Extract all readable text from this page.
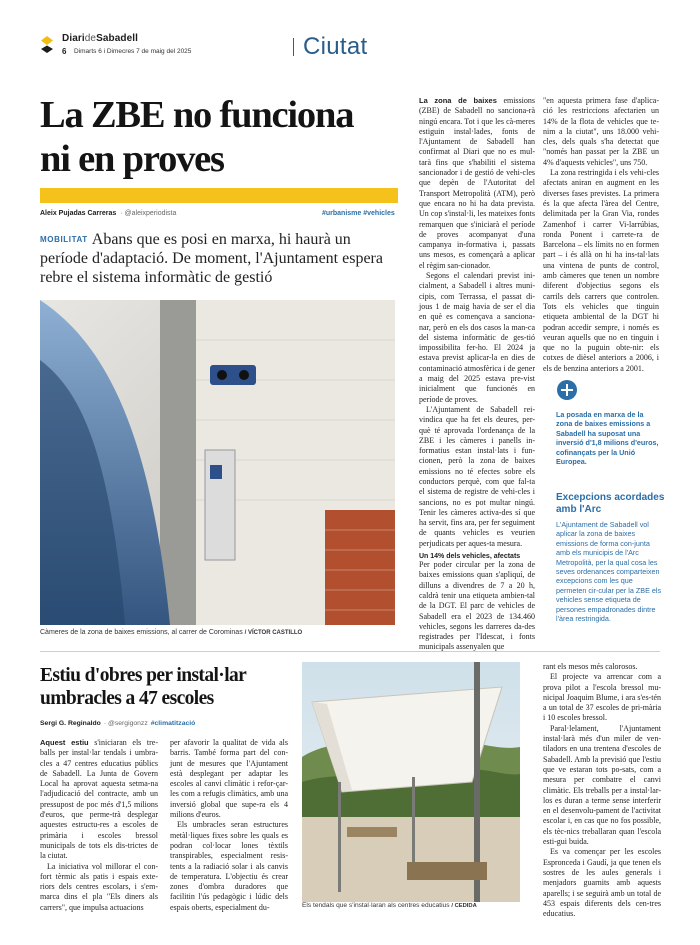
DiarideSabadell
6 Dimarts 6 i Dimecres 7 de maig del 2025	Ciutat
La ZBE no funciona
ni en proves
Aleix Pujadas Carreras · @aleixperiodista	#urbanisme #vehicles
MOBILITAT Abans que es posi en marxa, hi haurà un període d'adaptació. De moment, l'Ajuntament espera rebre el sistema informàtic de gestió
Càmeres de la zona de baixes emissions, al carrer de Corominas / VÍCTOR CASTILLO

La zona de baixes emissions (ZBE) de Sabadell no sanciona-rà ningú encara. Tot i que les cà-meres estiguin instal·lades, fonts de l'Ajuntament de Sabadell han confirmat al Diari que no es mul-tarà fins que s'habiliti el sistema sancionador i de gestió de vehi-cles que depèn de l'Autoritat del Transport Metropolità (ATM), però que encara no hi ha data prevista. Un cop s'instal·li, les mateixes fonts remarquen que s'iniciarà el període de proves acompanyat d'una campanya in-formativa i, passats uns mesos, es començarà a aplicar el règim san-cionador.

Segons el calendari previst ini-cialment, a Sabadell i altres muni-cipis, com Terrassa, el passat di-jous 1 de maig havia de ser el dia en què es començava a sanciona-nar, però en els dos casos la man-ca del sistema informàtic de ges-tió impossibilita fer-ho. El 2024 ja estava previst aplicar-la en dies de contaminació atmosfèrica i de gener a maig del 2025 estava pre-vist inicialment que funcionés en període de proves.

L'Ajuntament de Sabadell rei-vindica que ha fet els deures, per-què té aprovada l'ordenança de la ZBE i les càmeres i panells in-formatius estan instal·lats i fun-cionen, però la zona de baixes emissions no té efectes sobre els conductors perquè, com que fal-ta el sistema de registre de vehi-cles i sancions, no es pot multar ningú. Tenir les càmeres activa-des sí que ha servit, fins ara, per fer seguiment de quants vehicles es veurien perjudicats per aques-ta mesura.

Un 14% dels vehicles, afectats

Per poder circular per la zona de baixes emissions quan s'apliquí, de dilluns a divendres de 7 a 20 h, caldrà tenir una etiqueta ambien-tal de la DGT. El parc de vehicles de Sabadell era el 2023 de 134.460 vehicles, segons les darreres da-des registrades per l'Idescat, i fonts municipals assenyalen que

"en aquesta primera fase d'aplica-ció les restriccions afectarien un 14% de la flota de vehicles que te-nim a la ciutat", uns 18.000 vehi-cles, dels quals s'ha detectat que "només han passat per la ZBE un 4% d'aquests vehicles", uns 750.

La zona restringida i els vehi-cles afectats aniran en augment en les diverses fases previstes. La primera és la que afecta l'àrea del Centre, delimitada per la Gran Via, rondes Zamenhof i carrer Vi-larrúbias, ronda Ponent i carrete-ra de Barcelona – els límits no en formen part – i és allà on hi ha ins-tal·lats una vintena de punts de control, amb càmeres que tenen un nombre diferent d'objectius segons els carrils dels carrers que controlen. Tots els vehicles que tinguin etiqueta ambiental de la DGT hi podran accedir sempre, i només es veuran aquells que no en tinguin i que no la puguin obte-nir: els cotxes de dièsel anteriors a 2006, i els de benzina anteriors a 2001.

La posada en marxa de la zona de baixes emissions a Sabadell ha suposat una inversió d'1,8 milions d'euros, cofinançats per la Unió Europea.
Excepcions acordades amb l'Arc
L'Ajuntament de Sabadell vol aplicar la zona de baixes emissions de forma con-junta amb els municipis de l'Arc Metropolità, per la qual cosa les seves ordenances comparteixen excepcions com les que permeten cir-cular per la ZBE els vehicles sense etiqueta de persones empadronades dintre l'àrea restringida.
Estiu d'obres per instal·lar
umbracles a 47 escoles
Sergi G. Reginaldo · @sergigonzz #climatització

Aquest estiu s'iniciaran els tre-balls per instal·lar tendals i umbra-cles a 47 centres educatius públics de Sabadell. La Junta de Govern Local ha aprovat aquesta setma-na l'adjudicació del contracte, amb un pressupost de poc més d'1,5 milions d'euros, que perme-trà desplegar aquestes estructu-res a escoles de primària i escoles bressol municipals de tots els dis-trictes de la ciutat.

La iniciativa vol millorar el con-fort tèrmic als patis i espais exte-riors dels centres escolars, i s'em-marca dins el pla "Els diners als carrers", que impulsa actuacions

per afavorir la qualitat de vida als barris. També forma part del con-junt de mesures que l'Ajuntament està desplegant per adaptar les escoles al canvi climàtic i refor-çar-les com a refugis climàtics, amb una inversió global que supe-ra els 4 milions d'euros.

Els umbracles seran estructures metàl·liques fixes sobre les quals es podran col·locar lones tèxtils transpirables, especialment resis-tents a la radiació solar i als canvis de temperatura. L'objectiu és crear zones d'ombra duradores que facilitin l'ús pedagògic i lúdic dels espais oberts, especialment du-	Els tendals que s'instal·laran als centres educatius / CEDIDA

rant els mesos més calorosos.

El projecte va arrencar com a prova pilot a l'escola bressol mu-nicipal Joaquim Blume, i ara s'es-tén a un total de 37 escoles de pri-mària i 10 escoles bressol.

Paral·lelament, l'Ajuntament instal·larà més d'un miler de ven-tiladors en una trentena d'escoles de Sabadell. Amb la previsió que l'estiu que ve estaran tots po-sats, com a mesura per combatre el canvi climàtic. Els treballs per a instal·lar-los es duran a terme sense interferir en el desenvolu-pament de l'activitat escolar i, en cas que no fos possible, els tèc-nics treballaran quan l'escola esti-gui buida.

Es va començar per les escoles Espronceda i Gaudí, ja que tenen els sostres de les aules generals i menjadors guarnits amb aquests aparells; i se seguirà amb un total de 453 espais diferents dels cen-tres educatius.
